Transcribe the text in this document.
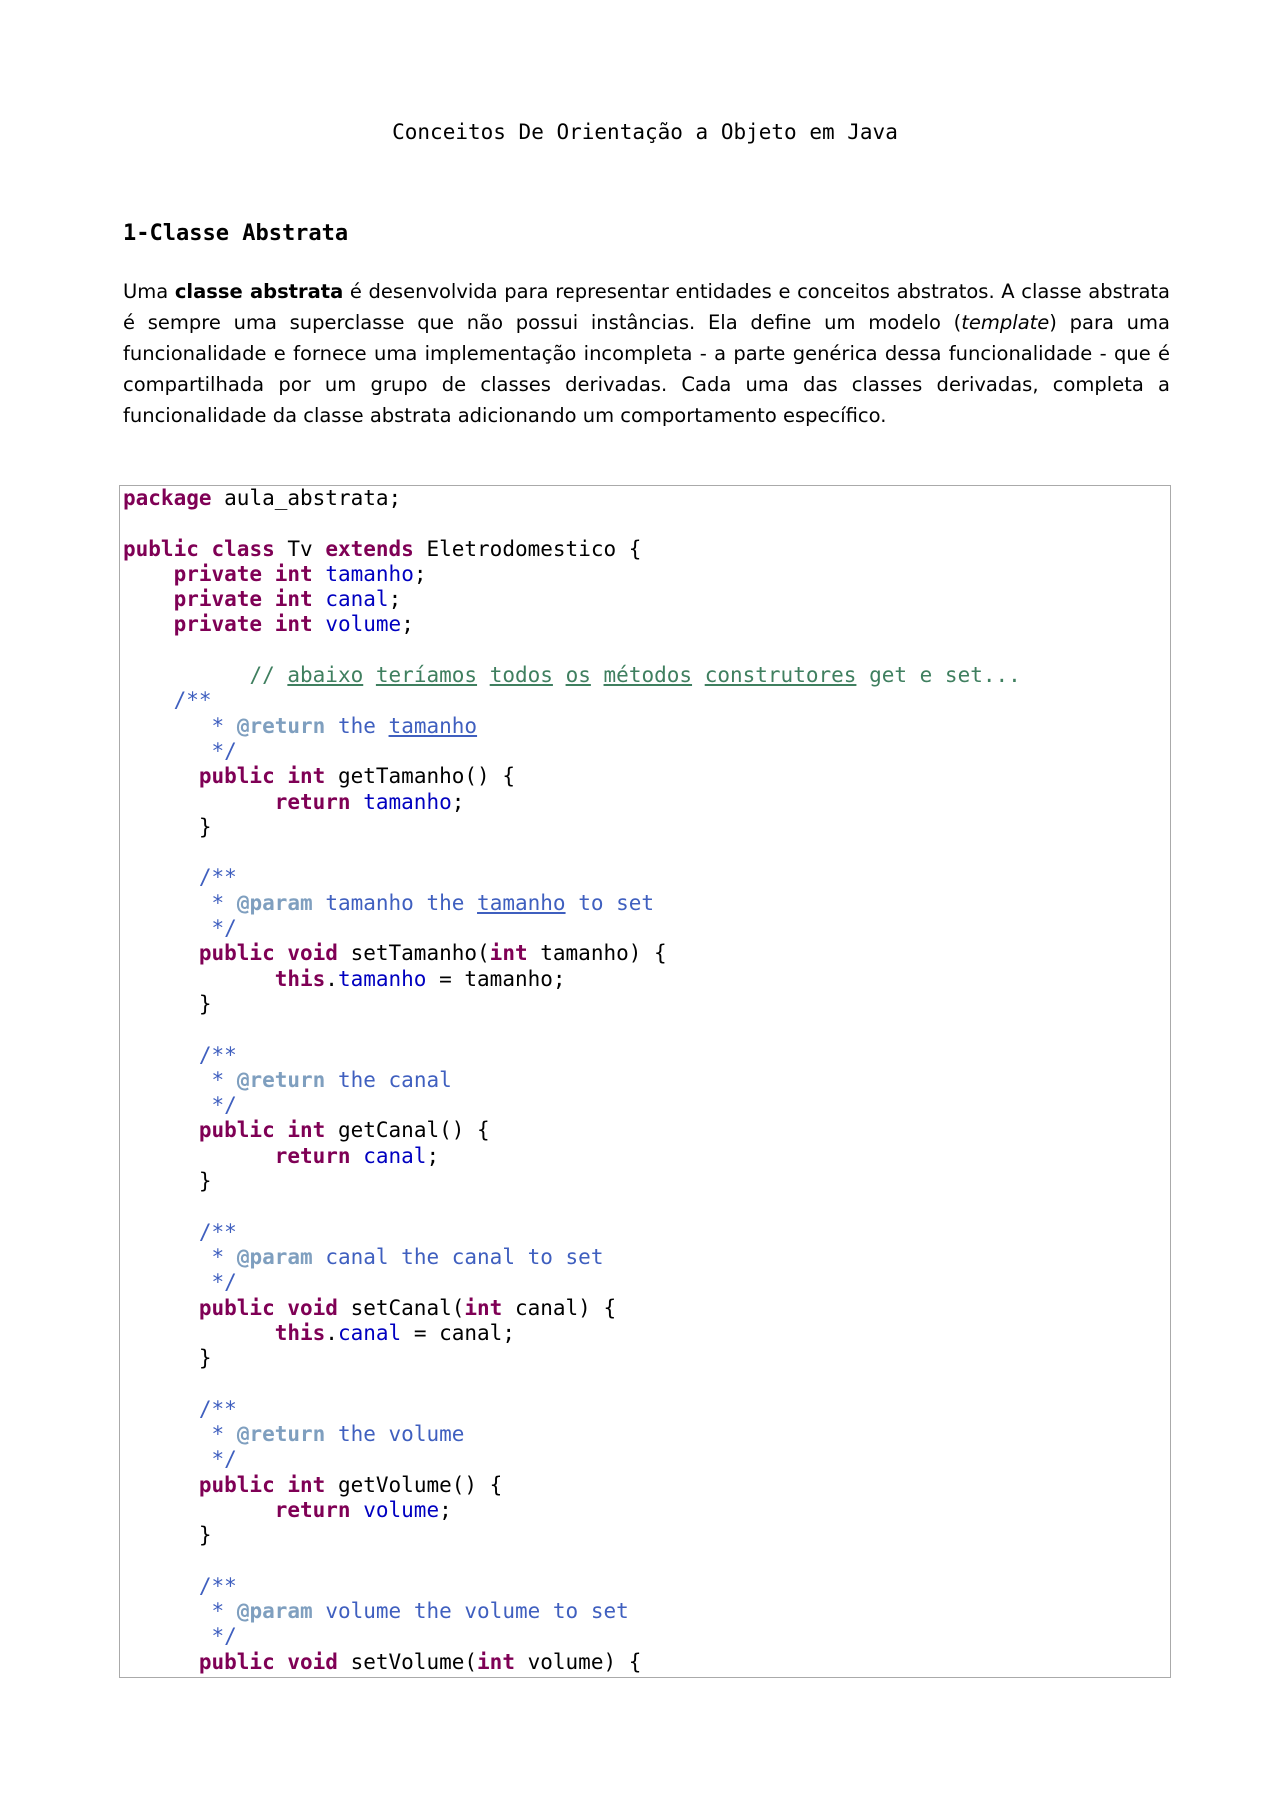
Conceitos De Orientação a Objeto em Java
1-Classe Abstrata
Uma classe abstrata é desenvolvida para representar entidades e conceitos abstratos. A classe abstrata é sempre uma superclasse que não possui instâncias. Ela define um modelo (template) para uma funcionalidade e fornece uma implementação incompleta - a parte genérica dessa funcionalidade - que é compartilhada por um grupo de classes derivadas. Cada uma das classes derivadas, completa a funcionalidade da classe abstrata adicionando um comportamento específico.
package aula_abstrata;
public class Tv extends Eletrodomestico {
private int tamanho;
private int canal;
private int volume;
// abaixo teríamos todos os métodos construtores get e set...
/**
* @return the tamanho
*/
public int getTamanho() {
return tamanho;
}
/**
* @param tamanho the tamanho to set
*/
public void setTamanho(int tamanho) {
this.tamanho = tamanho;
}
/**
* @return the canal
*/
public int getCanal() {
return canal;
}
/**
* @param canal the canal to set
*/
public void setCanal(int canal) {
this.canal = canal;
}
/**
* @return the volume
*/
public int getVolume() {
return volume;
}
/**
* @param volume the volume to set
*/
public void setVolume(int volume) {
